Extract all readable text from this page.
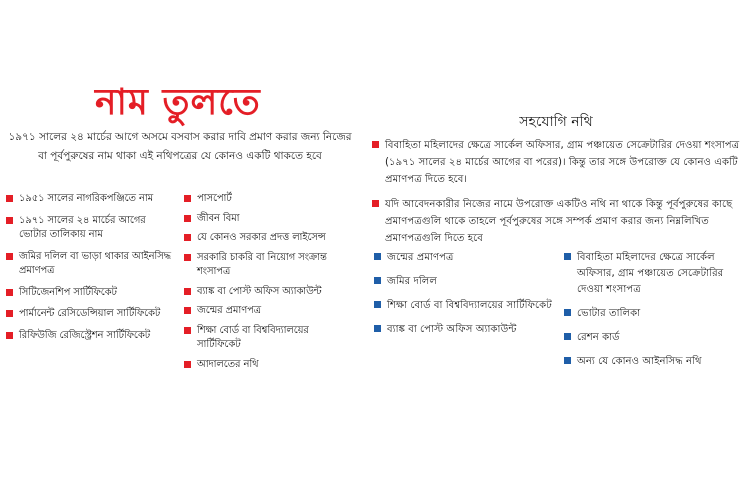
নাম তুলতে
১৯৭১ সালের ২৪ মার্চের আগে অসমে বসবাস করার দাবি প্রমাণ করার জন্য নিজের বা পূর্বপুরুষের নাম থাকা এই নথিপত্রের যে কোনও একটি থাকতে হবে
১৯৫১ সালের নাগরিকপঞ্জিতে নাম
১৯৭১ সালের ২৪ মার্চের আগের ভোটার তালিকায় নাম
জমির দলিল বা ভাড়া থাকার আইনসিদ্ধ প্রমাণপত্র
সিটিজেনশিপ সার্টিফিকেট
পার্মানেন্ট রেসিডেন্সিয়াল সার্টিফিকেট
রিফিউজি রেজিস্ট্রেশন সার্টিফিকেট
পাসপোর্ট
জীবন বিমা
যে কোনও সরকার প্রদত্ত লাইসেন্স
সরকারি চাকরি বা নিয়োগ সংক্রান্ত শংসাপত্র
ব্যাঙ্ক বা পোস্ট অফিস অ্যাকাউন্ট
জন্মের প্রমাণপত্র
শিক্ষা বোর্ড বা বিশ্ববিদ্যালয়ের সার্টিফিকেট
আদালতের নথি
সহযোগি নথি

বিবাহিতা মহিলাদের ক্ষেত্রে সার্কেল অফিসার, গ্রাম পঞ্চায়েত সেক্রেটারির দেওয়া শংসাপত্র (১৯৭১ সালের ২৪ মার্চের আগের বা পরের)। কিন্তু তার সঙ্গে উপরোক্ত যে কোনও একটি প্রমাণপত্র দিতে হবে।

যদি আবেদনকারীর নিজের নামে উপরোক্ত একটিও নথি না থাকে কিন্তু পূর্বপুরুষের কাছে প্রমাণপত্রগুলি থাকে তাহলে পূর্বপুরুষের সঙ্গে সম্পর্ক প্রমাণ করার জন্য নিম্নলিখিত প্রমাণপত্রগুলি দিতে হবে

জন্মের প্রমাণপত্র
জমির দলিল
শিক্ষা বোর্ড বা বিশ্ববিদ্যালয়ের সার্টিফিকেট
ব্যাঙ্ক বা পোস্ট অফিস অ্যাকাউন্ট
বিবাহিতা মহিলাদের ক্ষেত্রে সার্কেল অফিসার, গ্রাম পঞ্চায়েত সেক্রেটারির দেওয়া শংসাপত্র
ভোটার তালিকা
রেশন কার্ড
অন্য যে কোনও আইনসিদ্ধ নথি
